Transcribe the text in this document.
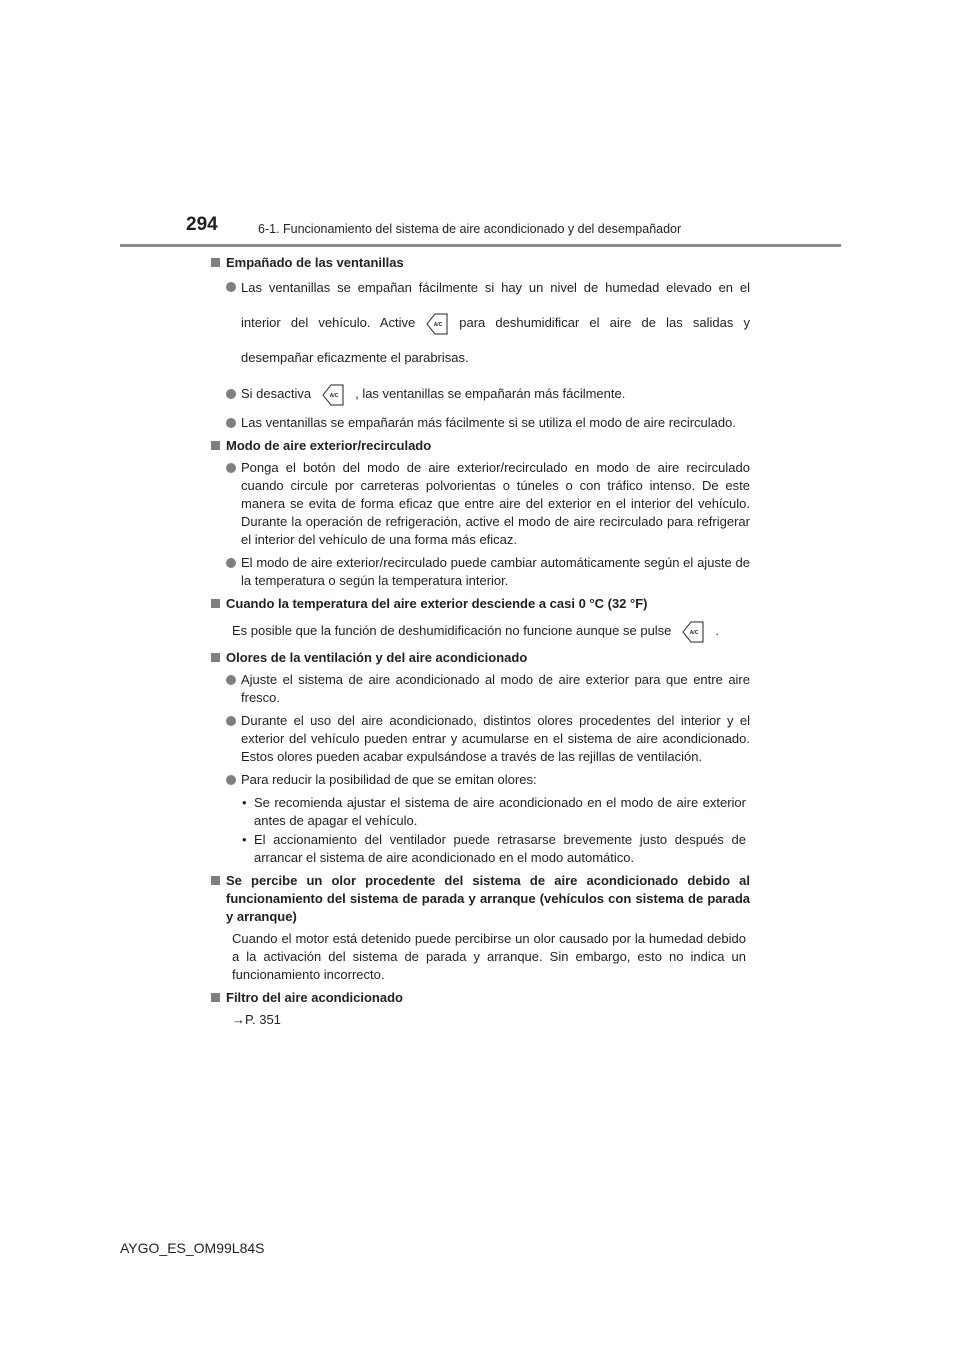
294	6-1. Funcionamiento del sistema de aire acondicionado y del desempañador
Empañado de las ventanillas
Las ventanillas se empañan fácilmente si hay un nivel de humedad elevado en el interior del vehículo. Active	A/C para deshumidificar el aire de las salidas y desempañar eficazmente el parabrisas.
Si desactiva	A/C , las ventanillas se empañarán más fácilmente.
Las ventanillas se empañarán más fácilmente si se utiliza el modo de aire recirculado.
Modo de aire exterior/recirculado
Ponga el botón del modo de aire exterior/recirculado en modo de aire recirculado cuando circule por carreteras polvorientas o túneles o con tráfico intenso. De este manera se evita de forma eficaz que entre aire del exterior en el interior del vehículo. Durante la operación de refrigeración, active el modo de aire recirculado para refrigerar el interior del vehículo de una forma más eficaz.
El modo de aire exterior/recirculado puede cambiar automáticamente según el ajuste de la temperatura o según la temperatura interior.
Cuando la temperatura del aire exterior desciende a casi 0 °C (32 °F)
Es posible que la función de deshumidificación no funcione aunque se pulse	A/C .
Olores de la ventilación y del aire acondicionado
Ajuste el sistema de aire acondicionado al modo de aire exterior para que entre aire fresco.
Durante el uso del aire acondicionado, distintos olores procedentes del interior y el exterior del vehículo pueden entrar y acumularse en el sistema de aire acondicionado. Estos olores pueden acabar expulsándose a través de las rejillas de ventilación.
Para reducir la posibilidad de que se emitan olores:
• Se recomienda ajustar el sistema de aire acondicionado en el modo de aire exterior antes de apagar el vehículo.
• El accionamiento del ventilador puede retrasarse brevemente justo después de arrancar el sistema de aire acondicionado en el modo automático.
Se percibe un olor procedente del sistema de aire acondicionado debido al funcionamiento del sistema de parada y arranque (vehículos con sistema de parada y arranque)
Cuando el motor está detenido puede percibirse un olor causado por la humedad debido a la activación del sistema de parada y arranque. Sin embargo, esto no indica un funcionamiento incorrecto.
Filtro del aire acondicionado
→P. 351
AYGO_ES_OM99L84S
